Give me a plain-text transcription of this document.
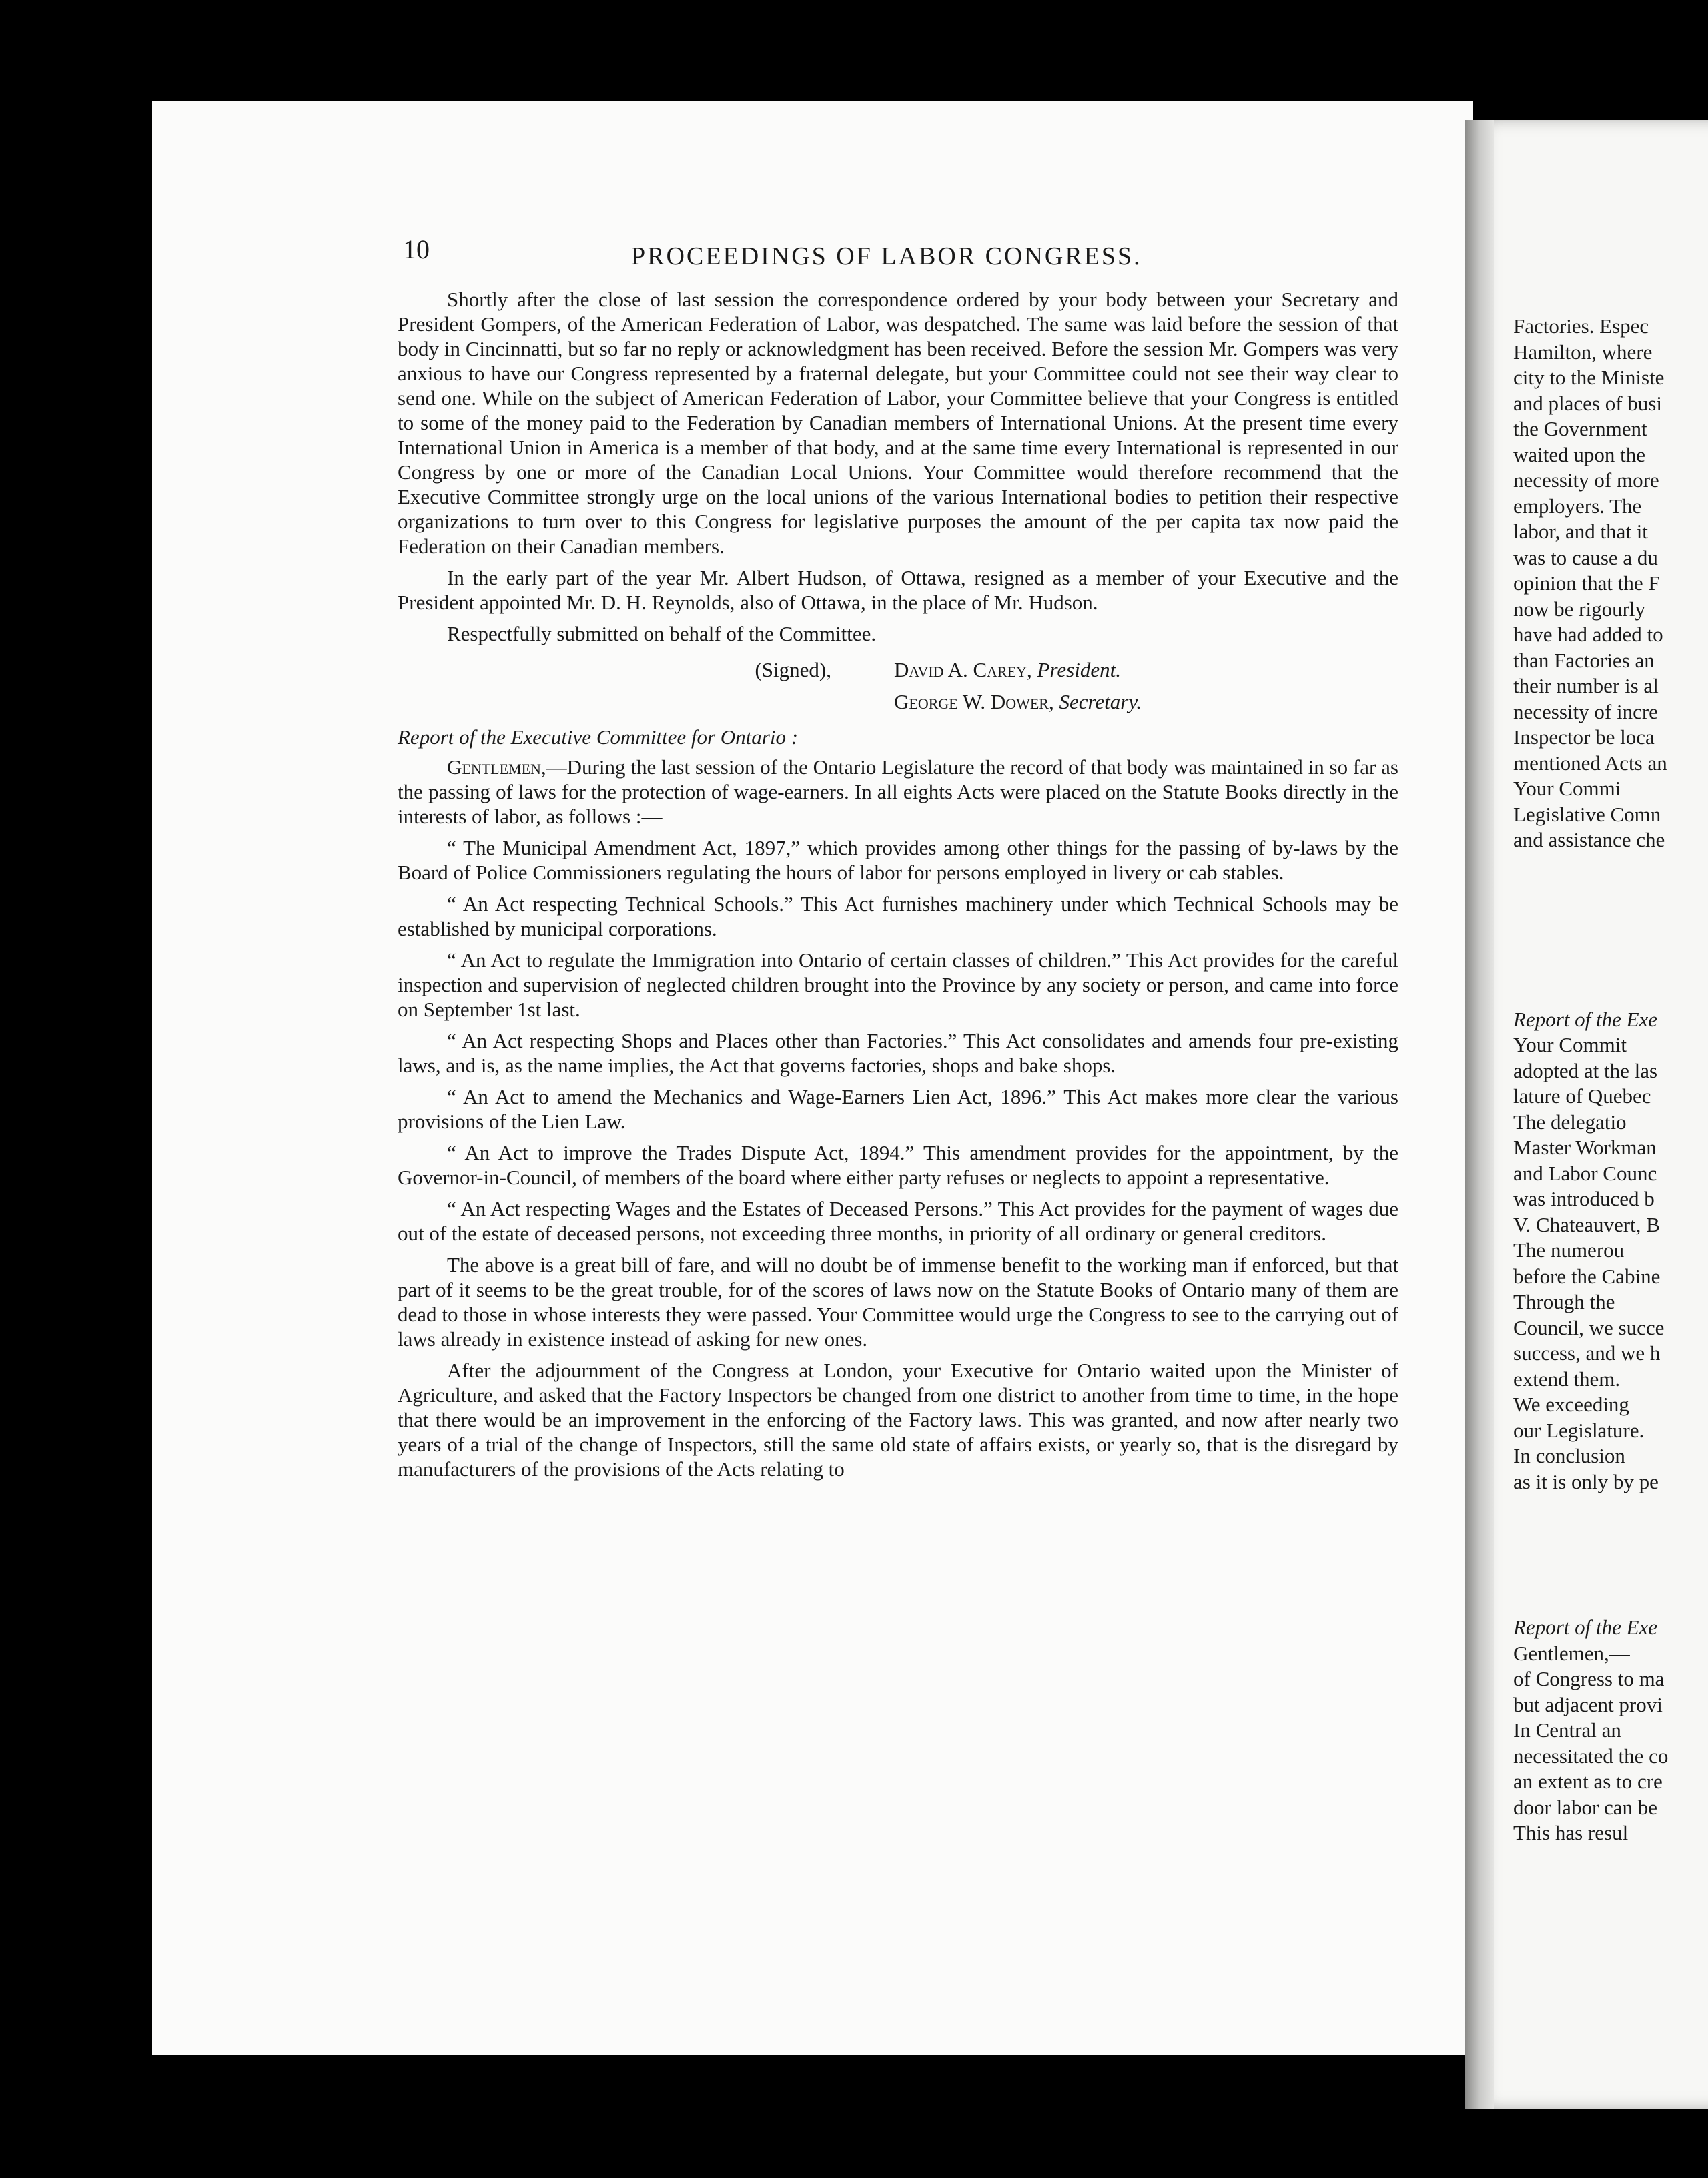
10	PROCEEDINGS OF LABOR CONGRESS.

Shortly after the close of last session the correspondence ordered by your body between your Secretary and President Gompers, of the American Federation of Labor, was despatched. The same was laid before the session of that body in Cincinnatti, but so far no reply or acknowledgment has been received. Before the session Mr. Gompers was very anxious to have our Congress represented by a fraternal delegate, but your Committee could not see their way clear to send one. While on the subject of American Federation of Labor, your Committee believe that your Congress is entitled to some of the money paid to the Federation by Canadian members of International Unions. At the present time every International Union in America is a member of that body, and at the same time every International is represented in our Congress by one or more of the Canadian Local Unions. Your Committee would therefore recommend that the Executive Committee strongly urge on the local unions of the various International bodies to petition their respective organizations to turn over to this Congress for legislative purposes the amount of the per capita tax now paid the Federation on their Canadian members.

In the early part of the year Mr. Albert Hudson, of Ottawa, resigned as a member of your Executive and the President appointed Mr. D. H. Reynolds, also of Ottawa, in the place of Mr. Hudson.

Respectfully submitted on behalf of the Committee.

(Signed),	David A. Carey, President.
George W. Dower, Secretary.
Report of the Executive Committee for Ontario :

Gentlemen,—During the last session of the Ontario Legislature the record of that body was maintained in so far as the passing of laws for the protection of wage-earners. In all eights Acts were placed on the Statute Books directly in the interests of labor, as follows :—

“ The Municipal Amendment Act, 1897,” which provides among other things for the passing of by-laws by the Board of Police Commissioners regulating the hours of labor for persons employed in livery or cab stables.

“ An Act respecting Technical Schools.” This Act furnishes machinery under which Technical Schools may be established by municipal corporations.

“ An Act to regulate the Immigration into Ontario of certain classes of children.” This Act provides for the careful inspection and supervision of neglected children brought into the Province by any society or person, and came into force on September 1st last.

“ An Act respecting Shops and Places other than Factories.” This Act consolidates and amends four pre-existing laws, and is, as the name implies, the Act that governs factories, shops and bake shops.

“ An Act to amend the Mechanics and Wage-Earners Lien Act, 1896.” This Act makes more clear the various provisions of the Lien Law.

“ An Act to improve the Trades Dispute Act, 1894.” This amendment provides for the appointment, by the Governor-in-Council, of members of the board where either party refuses or neglects to appoint a representative.

“ An Act respecting Wages and the Estates of Deceased Persons.” This Act provides for the payment of wages due out of the estate of deceased persons, not exceeding three months, in priority of all ordinary or general creditors.

The above is a great bill of fare, and will no doubt be of immense benefit to the working man if enforced, but that part of it seems to be the great trouble, for of the scores of laws now on the Statute Books of Ontario many of them are dead to those in whose interests they were passed. Your Committee would urge the Congress to see to the carrying out of laws already in existence instead of asking for new ones.

After the adjournment of the Congress at London, your Executive for Ontario waited upon the Minister of Agriculture, and asked that the Factory Inspectors be changed from one district to another from time to time, in the hope that there would be an improvement in the enforcing of the Factory laws. This was granted, and now after nearly two years of a trial of the change of Inspectors, still the same old state of affairs exists, or yearly so, that is the disregard by manufacturers of the provisions of the Acts relating to

Factories. Espec
Hamilton, where
city to the Ministe
and places of busi
the Government
waited upon the
necessity of more
employers. The
labor, and that it
was to cause a du
opinion that the F
now be rigourly
have had added to
than Factories an
their number is al
necessity of incre
Inspector be loca
mentioned Acts an
Your Commi
Legislative Comn
and assistance che
Report of the Exe
Your Commit
adopted at the las
lature of Quebec
The delegatio
Master Workman
and Labor Counc
was introduced b
V. Chateauvert, B
The numerou
before the Cabine
Through the
Council, we succe
success, and we h
extend them.
We exceeding
our Legislature.
In conclusion
as it is only by pe
Report of the Exe
Gentlemen,—
of Congress to ma
but adjacent provi
In Central an
necessitated the co
an extent as to cre
door labor can be
This has resul
